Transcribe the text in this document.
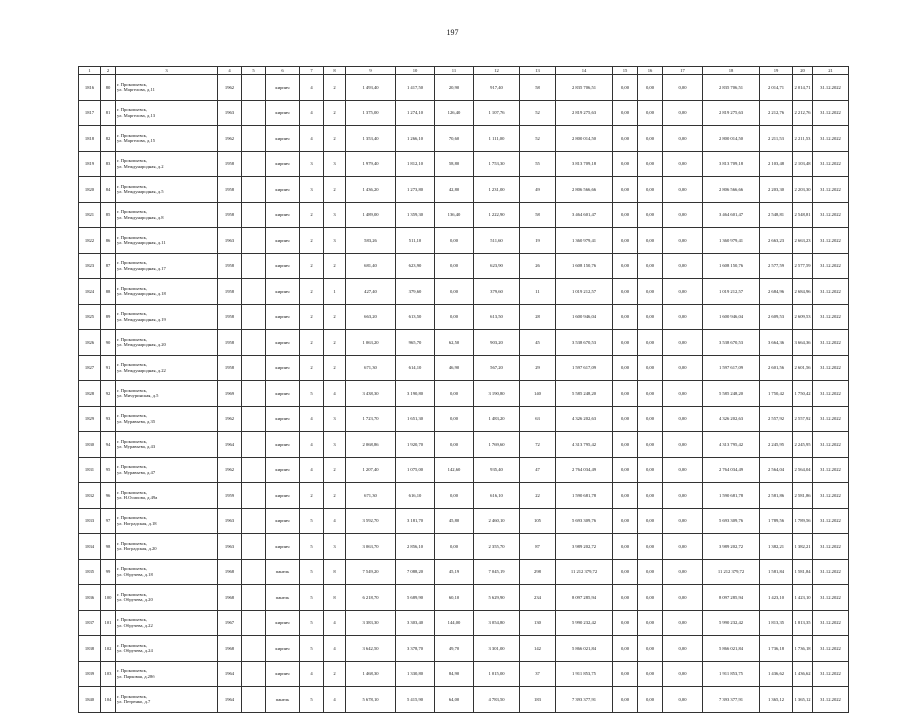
197
1	2	3	4	5	6	7	8	9	10	11	12	13	14	15	16	17	18	19	20	21
1816	80	г. Прокопьевск,
ул. Маргелова, д.11	1962		кирпич	4	2	1 493,40	1 417,50	20,90	917,40	58	2 835 706,51	0,00	0,00	0,00	2 835 706,51	2 014,71	2 014,71	31.12.2022
1817	81	г. Прокопьевск,
ул. Маргелова, д.13	1963		кирпич	4	2	1 375,00	1 274,10	126,40	1 107,76	52	2 819 275,63	0,00	0,00	0,00	2 819 275,63	2 212,76	2 212,76	31.12.2022
1818	82	г. Прокопьевск,
ул. Маргелова, д.15	1962		кирпич	4	2	1 353,40	1 266,10	70,60	1 111,00	52	2 800 014,50	0,00	0,00	0,00	2 800 014,50	2 211,53	2 211,53	31.12.2022
1819	83	г. Прокопьевск,
ул. Международная, д.2	1958		кирпич	3	3	1 979,40	1 812,10	58,80	1 753,30	55	3 813 709,18	0,00	0,00	0,00	3 813 709,18	2 103,48	2 103,48	31.12.2022
1820	84	г. Прокопьевск,
ул. Международная, д.5	1958		кирпич	3	2	1 436,20	1 273,80	42,80	1 231,00	49	2 806 566,66	0,00	0,00	0,00	2 806 566,66	2 203,30	2 203,30	31.12.2022
1821	85	г. Прокопьевск,
ул. Международная, д.8	1958		кирпич	2	3	1 489,00	1 359,30	136,40	1 222,90	58	3 464 601,47	0,00	0,00	0,00	3 464 601,47	2 548,81	2 548,81	31.12.2022
1822	86	г. Прокопьевск,
ул. Международная, д.11	1963		кирпич	2	3	583,26	511,10	0,00	511,60	19	1 360 979,41	0,00	0,00	0,00	1 360 979,41	2 663,23	2 663,23	31.12.2022
1823	87	г. Прокопьевск,
ул. Международная, д.17	1958		кирпич	2	2	681,40	623,90	0,00	623,90	26	1 608 150,76	0,00	0,00	0,00	1 608 150,76	2 577,59	2 577,59	31.12.2022
1824	88	г. Прокопьевск,
ул. Международная, д.18	1958		кирпич	2	1	427,40	379,60	0,00	379,60	11	1 019 212,57	0,00	0,00	0,00	1 019 212,57	2 684,96	2 684,96	31.12.2022
1825	89	г. Прокопьевск,
ул. Международная, д.19	1958		кирпич	2	2	663,20	613,50	0,00	613,50	28	1 600 946,04	0,00	0,00	0,00	1 600 946,04	2 609,53	2 609,53	31.12.2022
1826	90	г. Прокопьевск,
ул. Международная, д.20	1958		кирпич	2	2	1 063,20	965,70	62,50	903,20	45	3 538 670,53	0,00	0,00	0,00	3 538 670,53	3 664,36	3 664,36	31.12.2022
1827	91	г. Прокопьевск,
ул. Международная, д.22	1958		кирпич	2	2	671,30	614,10	46,90	567,20	29	1 597 617,09	0,00	0,00	0,00	1 597 617,09	2 601,56	2 601,56	31.12.2022
1828	92	г. Прокопьевск,
ул. Мичуринская, д.5	1969		кирпич	5	4	3 438,30	3 190,80	0,00	3 190,80	140	5 585 248,20	0,00	0,00	0,00	5 585 248,20	1 750,42	1 750,42	31.12.2022
1829	93	г. Прокопьевск,
ул. Муравьева, д.35	1962		кирпич	4	3	1 723,70	1 651,30	0,00	1 483,20	63	4 326 202,63	0,00	0,00	0,00	4 326 202,63	2 557,92	2 557,92	31.12.2022
1830	94	г. Прокопьевск,
ул. Муравьева, д.43	1964		кирпич	4	3	2 068,86	1 920,70	0,00	1 769,60	72	4 313 795,42	0,00	0,00	0,00	4 313 795,42	2 245,95	2 245,95	31.12.2022
1831	95	г. Прокопьевск,
ул. Муравьева, д.47	1962		кирпич	4	2	1 207,40	1 075,00	142,60	935,40	47	2 764 034,49	0,00	0,00	0,00	2 764 034,49	2 564,04	2 564,04	31.12.2022
1832	96	г. Прокопьевск,
ул. Н.Осипова, д.49а	1959		кирпич	2	2	671,30	616,10	0,00	616,10	22	1 590 681,78	0,00	0,00	0,00	1 590 681,78	2 581,86	2 581,86	31.12.2022
1833	97	г. Прокопьевск,
ул. Ноградская, д.18	1963		кирпич	5	4	3 592,70	3 181,70	45,80	2 460,10	105	5 693 309,76	0,00	0,00	0,00	5 693 309,76	1 789,56	1 789,56	31.12.2022
1834	98	г. Прокопьевск,
ул. Ноградская, д.20	1963		кирпич	5	3	3 063,70	2 856,10	0,00	2 355,70	87	3 989 202,72	0,00	0,00	0,00	3 989 202,72	1 382,21	1 382,21	31.12.2022
1835	99	г. Прокопьевск,
ул. Обручева, д.18	1968		панель	5	8	7 549,20	7 088,20	45,19	7 045,19	298	11 212 379,72	0,00	0,00	0,00	11 212 379,72	1 581,84	1 581,84	31.12.2022
1836	100	г. Прокопьевск,
ул. Обручева, д.20	1968		панель	5	8	6 218,70	5 689,90	60,10	5 629,90	234	8 097 285,94	0,00	0,00	0,00	8 097 285,94	1 423,10	1 423,10	31.12.2022
1837	101	г. Прокопьевск,
ул. Обручева, д.22	1967		кирпич	5	4	3 383,30	3 303,40	144,00	3 054,80	130	5 990 232,42	0,00	0,00	0,00	5 990 232,42	1 813,35	1 813,35	31.12.2022
1838	102	г. Прокопьевск,
ул. Обручева, д.24	1968		кирпич	5	4	3 642,50	3 378,70	49,70	3 301,00	142	5 866 021,84	0,00	0,00	0,00	5 866 021,84	1 736,18	1 736,18	31.12.2022
1839	103	г. Прокопьевск,
ул. Парковая, д.28б	1964		кирпич	4	2	1 468,30	1 330,80	84,90	1 015,00	37	1 911 853,75	0,00	0,00	0,00	1 911 853,75	1 436,62	1 436,62	31.12.2022
1840	104	г. Прокопьевск,
ул. Петренко, д.7	1964		панель	5	4	5 678,10	5 415,90	64,00	4 783,50	183	7 393 377,91	0,00	0,00	0,00	7 393 377,91	1 365,12	1 365,12	31.12.2022
